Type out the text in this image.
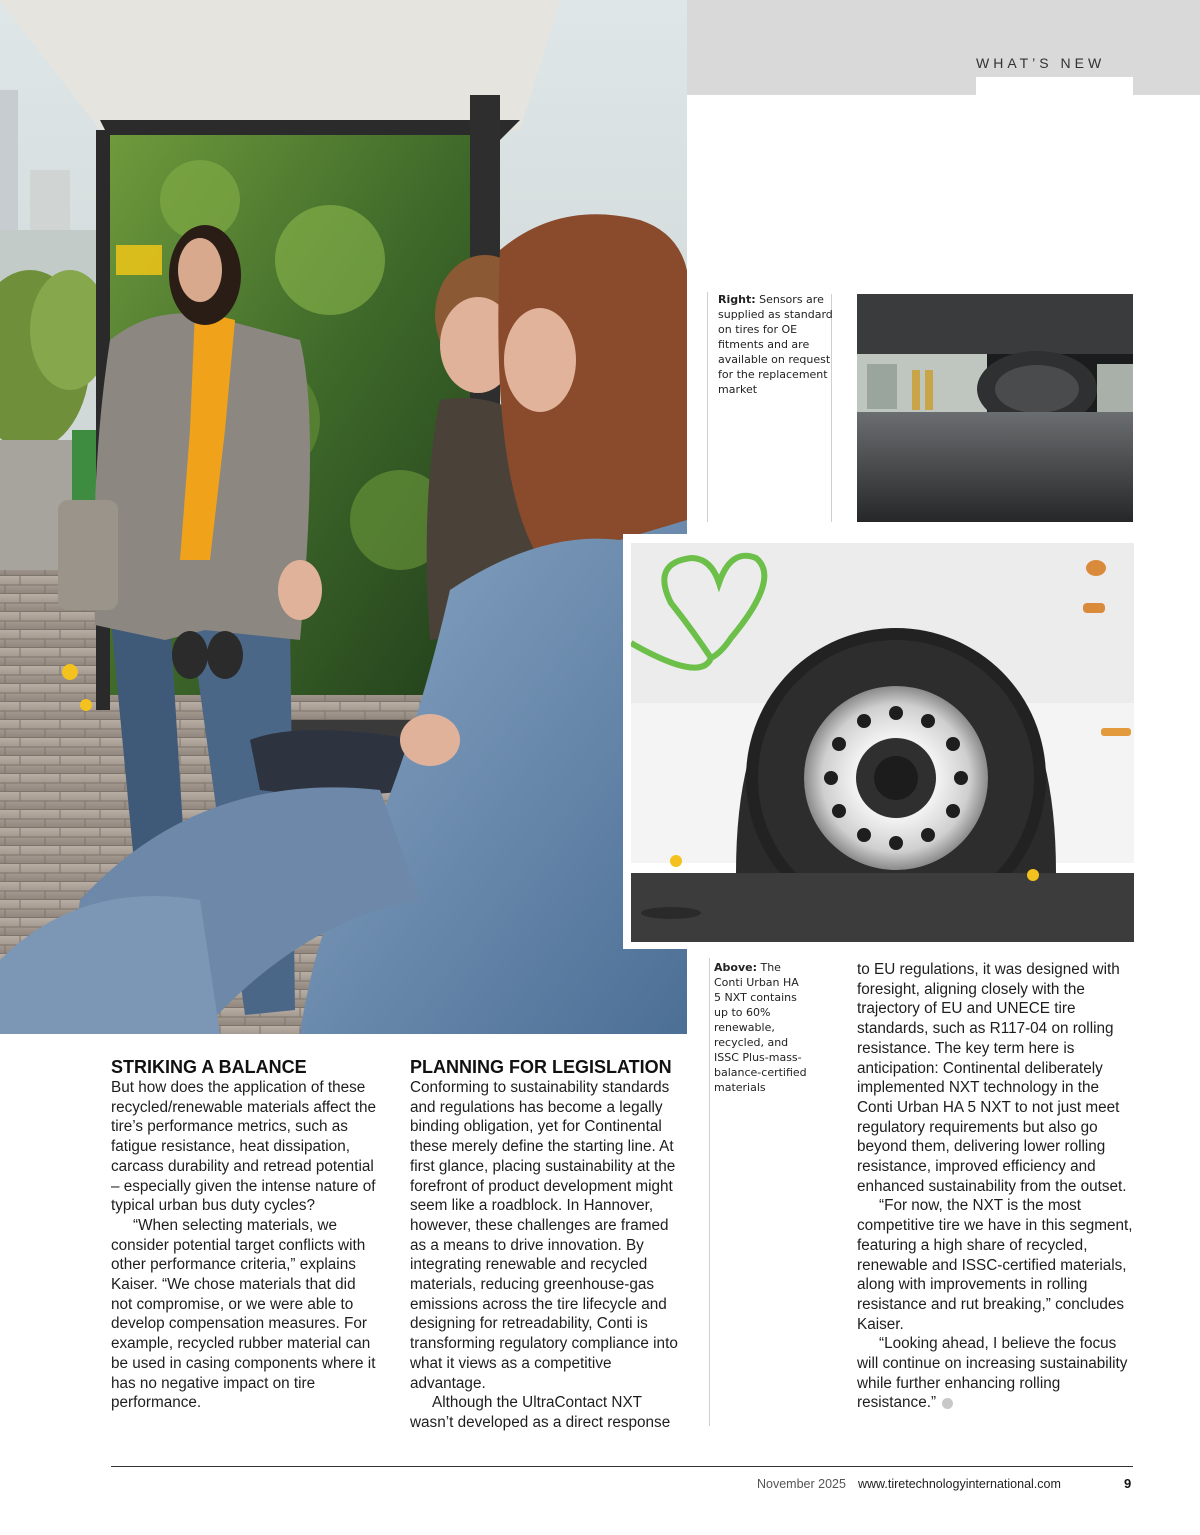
WHAT’S NEW
Right: Sensors are supplied as standard on tires for OE fitments and are available on request for the replacement market
Above: The Conti Urban HA 5 NXT contains up to 60% renewable, recycled, and ISSC Plus-mass-balance-certified materials
STRIKING A BALANCE

But how does the application of these recycled/renewable materials affect the tire’s performance metrics, such as fatigue resistance, heat dissipation, carcass durability and retread potential – especially given the intense nature of typical urban bus duty cycles?

“When selecting materials, we consider potential target conflicts with other performance criteria,” explains Kaiser. “We chose materials that did not compromise, or we were able to develop compensation measures. For example, recycled rubber material can be used in casing components where it has no negative impact on tire performance.

PLANNING FOR LEGISLATION

Conforming to sustainability standards and regulations has become a legally binding obligation, yet for Continental these merely define the starting line. At first glance, placing sustainability at the forefront of product development might seem like a roadblock. In Hannover, however, these challenges are framed as a means to drive innovation. By integrating renewable and recycled materials, reducing greenhouse-gas emissions across the tire lifecycle and designing for retreadability, Conti is transforming regulatory compliance into what it views as a competitive advantage.

Although the UltraContact NXT wasn’t developed as a direct response

to EU regulations, it was designed with foresight, aligning closely with the trajectory of EU and UNECE tire standards, such as R117-04 on rolling resistance. The key term here is anticipation: Continental deliberately implemented NXT technology in the Conti Urban HA 5 NXT to not just meet regulatory requirements but also go beyond them, delivering lower rolling resistance, improved efficiency and enhanced sustainability from the outset.

“For now, the NXT is the most competitive tire we have in this segment, featuring a high share of recycled, renewable and ISSC-certified materials, along with improvements in rolling resistance and rut breaking,” concludes Kaiser.

“Looking ahead, I believe the focus will continue on increasing sustainability while further enhancing rolling resistance.”

November 2025 www.tiretechnologyinternational.com	9
